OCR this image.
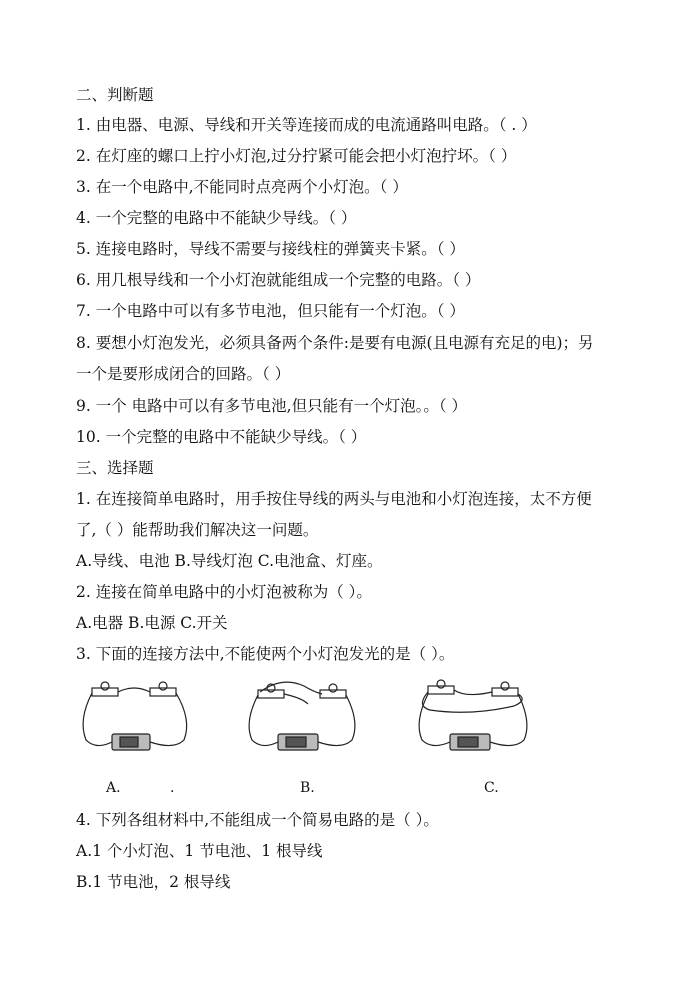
二、判断题
1. 由电器、电源、导线和开关等连接而成的电流通路叫电路。（ . ）
2. 在灯座的螺口上拧小灯泡,过分拧紧可能会把小灯泡拧坏。（ ）
3. 在一个电路中,不能同时点亮两个小灯泡。（ ）
4. 一个完整的电路中不能缺少导线。（ ）
5. 连接电路时，导线不需要与接线柱的弹簧夹卡紧。（ ）
6. 用几根导线和一个小灯泡就能组成一个完整的电路。（ ）
7. 一个电路中可以有多节电池，但只能有一个灯泡。（ ）
8. 要想小灯泡发光，必须具备两个条件:是要有电源(且电源有充足的电)；另
一个是要形成闭合的回路。（ ）
9. 一个 电路中可以有多节电池,但只能有一个灯泡。。（ ）
10. 一个完整的电路中不能缺少导线。（ ）
三、选择题
1. 在连接简单电路时，用手按住导线的两头与电池和小灯泡连接，太不方便
了,（ ）能帮助我们解决这一问题。
A.导线、电池 B.导线灯泡 C.电池盒、灯座。
2. 连接在简单电路中的小灯泡被称为（ ）。
A.电器 B.电源 C.开关
3. 下面的连接方法中,不能使两个小灯泡发光的是（ ）。
A.	.	B.	C.
4. 下列各组材料中,不能组成一个简易电路的是（ ）。
A.1 个小灯泡、1 节电池、1 根导线
B.1 节电池，2 根导线
